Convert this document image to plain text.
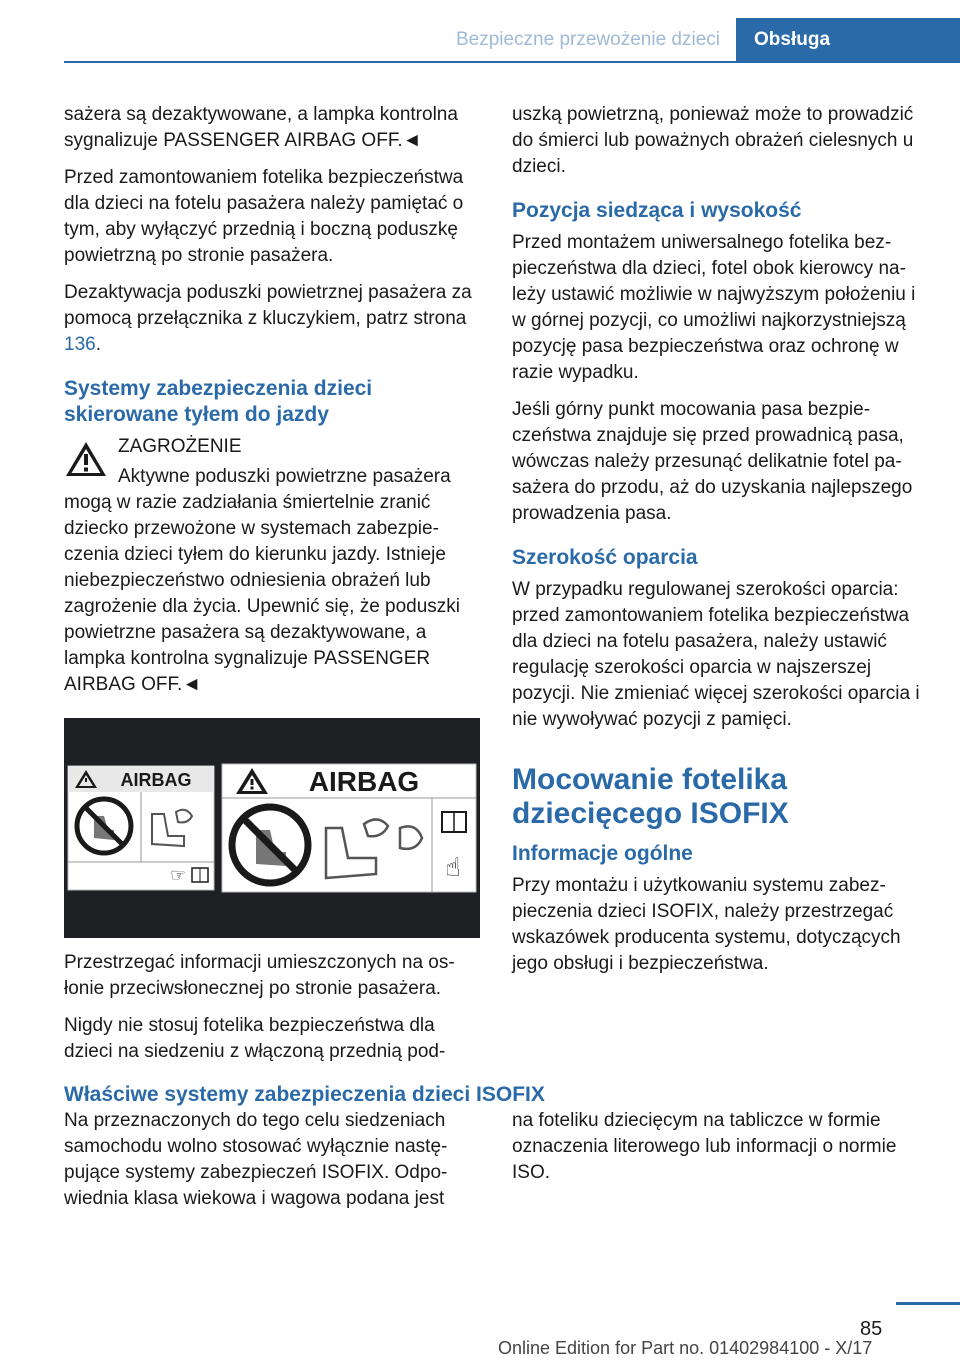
Bezpieczne przewożenie dzieci	Obsługa

sażera są dezaktywowane, a lampka kontrolna sygnalizuje PASSENGER AIRBAG OFF.◄

Przed zamontowaniem fotelika bezpieczeństwa dla dzieci na fotelu pasażera należy pamiętać o tym, aby wyłączyć przednią i boczną poduszkę powietrzną po stronie pasażera.

Dezaktywacja poduszki powietrznej pasażera za pomocą przełącznika z kluczykiem, patrz strona 136.

Systemy zabezpieczenia dzieci skierowane tyłem do jazdy
ZAGROŻENIE

Aktywne poduszki powietrzne pasażera mogą w razie zadziałania śmiertelnie zranić dziecko przewożone w systemach zabezpieczenia dzieci tyłem do kierunku jazdy. Istnieje niebezpieczeństwo odniesienia obrażeń lub zagrożenie dla życia. Upewnić się, że poduszki powietrzne pasażera są dezaktywowane, a lampka kontrolna sygnalizuje PASSENGER AIRBAG OFF.◄

AIRBAG
☞
AIRBAG
☝

Przestrzegać informacji umieszczonych na osłonie przeciwsłonecznej po stronie pasażera.

Nigdy nie stosuj fotelika bezpieczeństwa dla dzieci na siedzeniu z włączoną przednią pod-

uszką powietrzną, ponieważ może to prowadzić do śmierci lub poważnych obrażeń cielesnych u dzieci.

Pozycja siedząca i wysokość

Przed montażem uniwersalnego fotelika bezpieczeństwa dla dzieci, fotel obok kierowcy należy ustawić możliwie w najwyższym położeniu i w górnej pozycji, co umożliwi najkorzystniejszą pozycję pasa bezpieczeństwa oraz ochronę w razie wypadku.

Jeśli górny punkt mocowania pasa bezpieczeństwa znajduje się przed prowadnicą pasa, wówczas należy przesunąć delikatnie fotel pasażera do przodu, aż do uzyskania najlepszego prowadzenia pasa.

Szerokość oparcia

W przypadku regulowanej szerokości oparcia: przed zamontowaniem fotelika bezpieczeństwa dla dzieci na fotelu pasażera, należy ustawić regulację szerokości oparcia w najszerszej pozycji. Nie zmieniać więcej szerokości oparcia i nie wywoływać pozycji z pamięci.

Mocowanie fotelika dziecięcego ISOFIX
Informacje ogólne

Przy montażu i użytkowaniu systemu zabezpieczenia dzieci ISOFIX, należy przestrzegać wskazówek producenta systemu, dotyczących jego obsługi i bezpieczeństwa.

Właściwe systemy zabezpieczenia dzieci ISOFIX

Na przeznaczonych do tego celu siedzeniach samochodu wolno stosować wyłącznie następujące systemy zabezpieczeń ISOFIX. Odpowiednia klasa wiekowa i wagowa podana jest

na foteliku dziecięcym na tabliczce w formie oznaczenia literowego lub informacji o normie ISO.

85
Online Edition for Part no. 01402984100 - X/17
